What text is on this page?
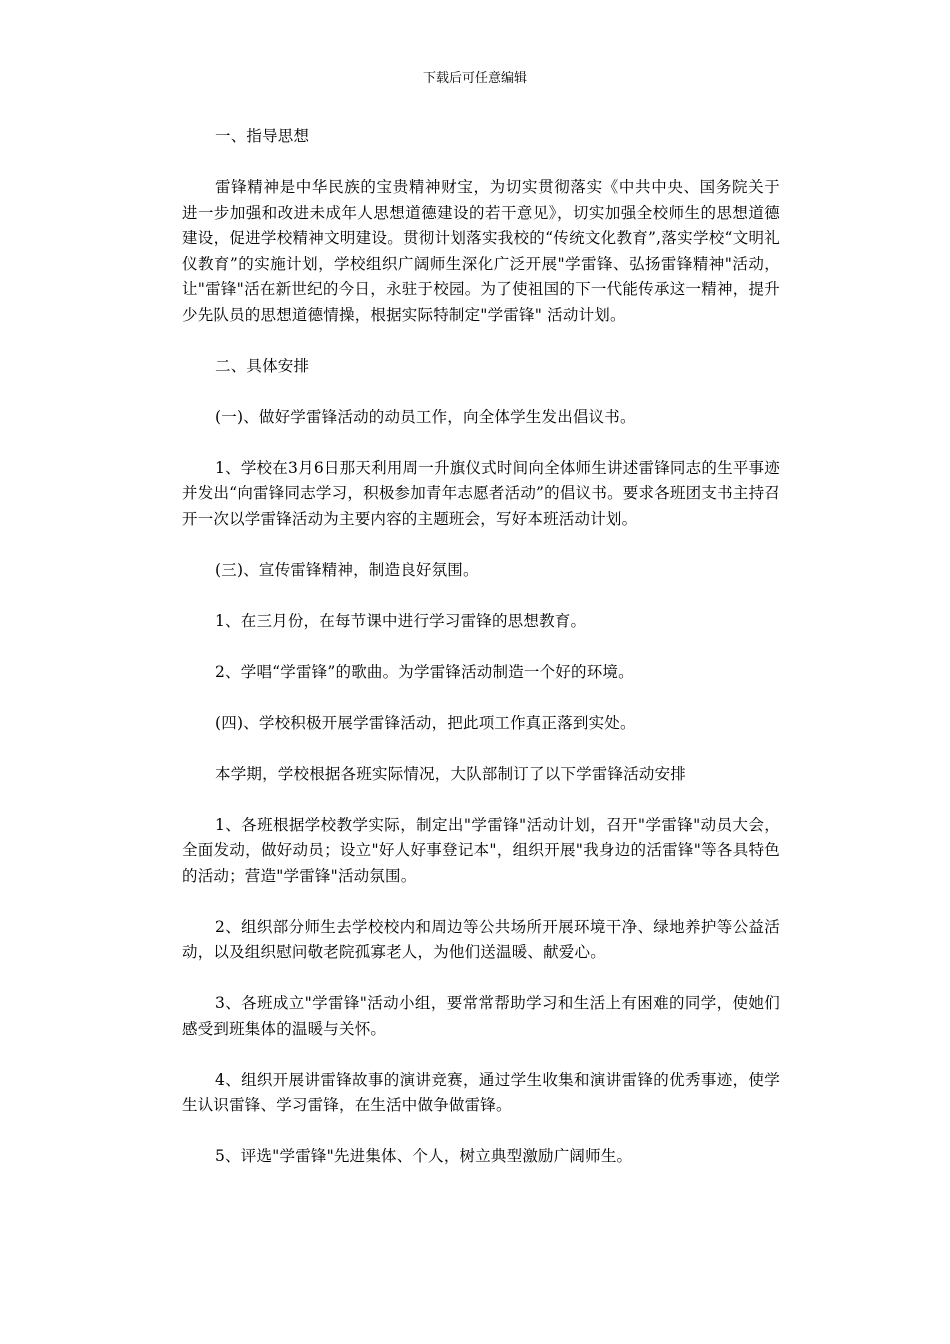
下载后可任意编辑

一、指导思想

雷锋精神是中华民族的宝贵精神财宝，为切实贯彻落实《中共中央、国务院关于进一步加强和改进未成年人思想道德建设的若干意见》，切实加强全校师生的思想道德建设，促进学校精神文明建设。贯彻计划落实我校的“传统文化教育”,落实学校“文明礼仪教育”的实施计划，学校组织广阔师生深化广泛开展"学雷锋、弘扬雷锋精神"活动，让"雷锋"活在新世纪的今日，永驻于校园。为了使祖国的下一代能传承这一精神，提升少先队员的思想道德情操，根据实际特制定"学雷锋" 活动计划。

二、具体安排

(一)、做好学雷锋活动的动员工作，向全体学生发出倡议书。

1、学校在3月6日那天利用周一升旗仪式时间向全体师生讲述雷锋同志的生平事迹并发出“向雷锋同志学习，积极参加青年志愿者活动”的倡议书。要求各班团支书主持召开一次以学雷锋活动为主要内容的主题班会，写好本班活动计划。

(三)、宣传雷锋精神，制造良好氛围。

1、在三月份，在每节课中进行学习雷锋的思想教育。

2、学唱“学雷锋”的歌曲。为学雷锋活动制造一个好的环境。

(四)、学校积极开展学雷锋活动，把此项工作真正落到实处。

本学期，学校根据各班实际情况，大队部制订了以下学雷锋活动安排

1、各班根据学校教学实际，制定出"学雷锋"活动计划，召开"学雷锋"动员大会，全面发动，做好动员；设立"好人好事登记本"，组织开展"我身边的活雷锋"等各具特色的活动；营造"学雷锋"活动氛围。

2、组织部分师生去学校校内和周边等公共场所开展环境干净、绿地养护等公益活动，以及组织慰问敬老院孤寡老人，为他们送温暖、献爱心。

3、各班成立"学雷锋"活动小组，要常常帮助学习和生活上有困难的同学，使她们感受到班集体的温暖与关怀。

4、组织开展讲雷锋故事的演讲竞赛，通过学生收集和演讲雷锋的优秀事迹，使学生认识雷锋、学习雷锋，在生活中做争做雷锋。

5、评选"学雷锋"先进集体、个人，树立典型激励广阔师生。
